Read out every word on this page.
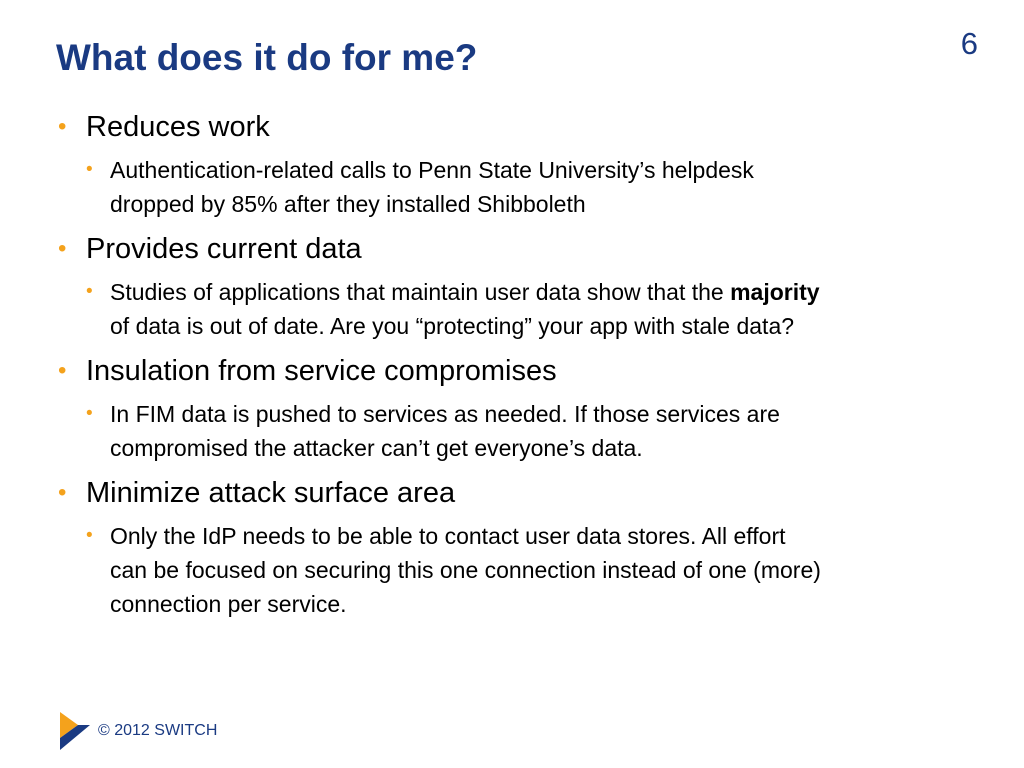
What does it do for me?	6
• Reduces work
• Authentication-related calls to Penn State University’s helpdesk
dropped by 85% after they installed Shibboleth
• Provides current data
• Studies of applications that maintain user data show that the majority
of data is out of date. Are you “protecting” your app with stale data?
• Insulation from service compromises
• In FIM data is pushed to services as needed. If those services are
compromised the attacker can’t get everyone’s data.
• Minimize attack surface area
• Only the IdP needs to be able to contact user data stores. All effort
can be focused on securing this one connection instead of one (more)
connection per service.
© 2012 SWITCH
